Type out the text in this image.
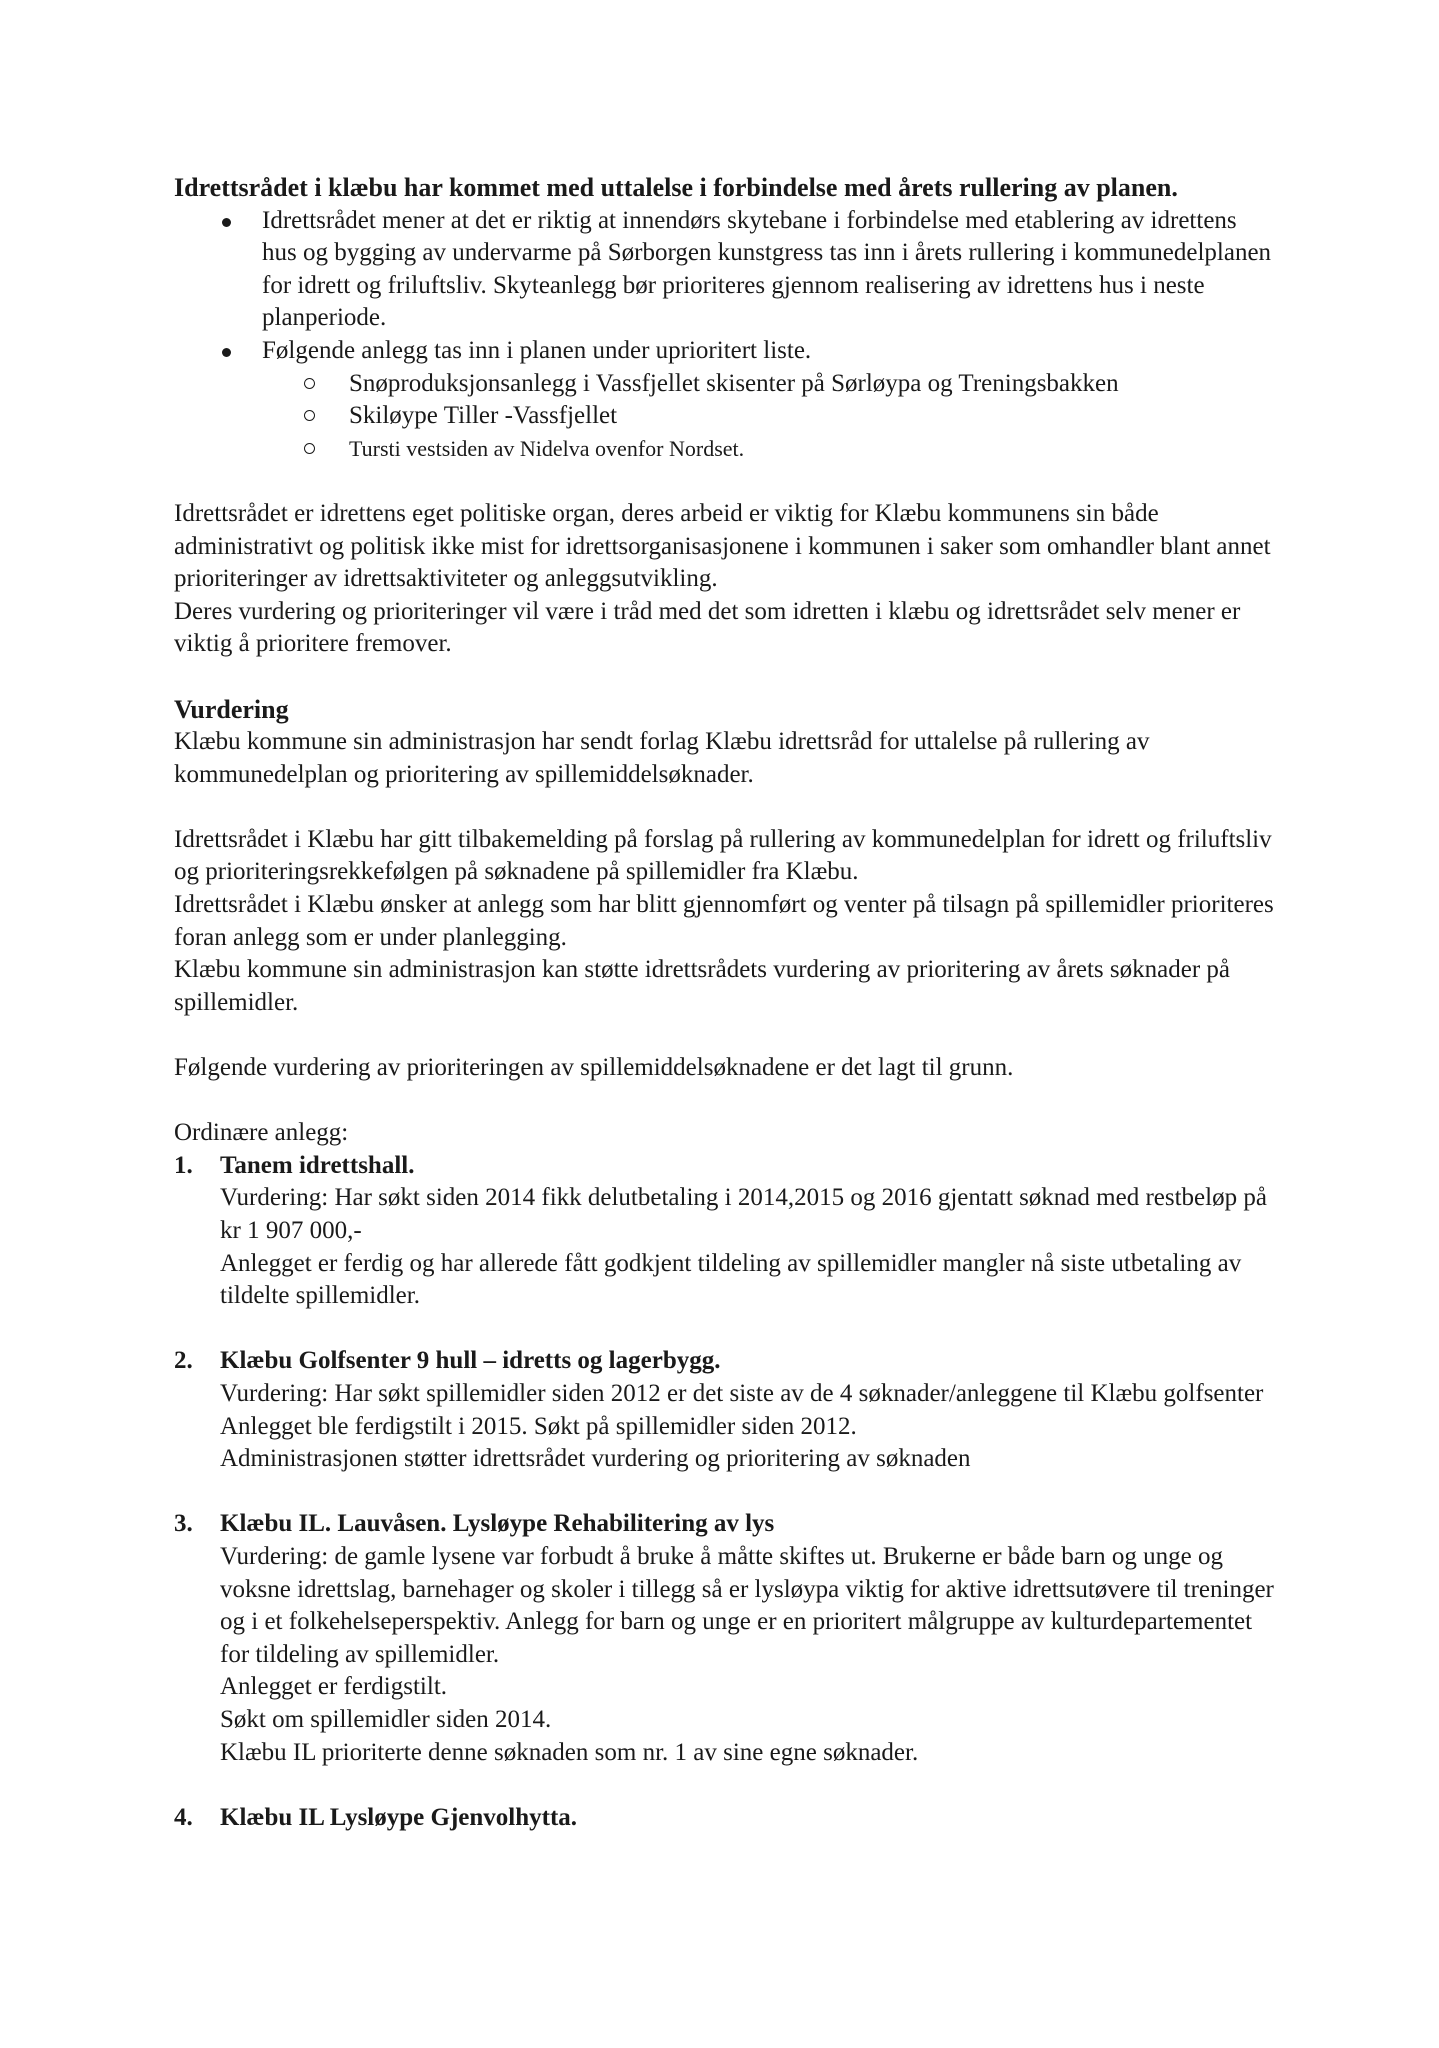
Idrettsrådet i klæbu har kommet med uttalelse i forbindelse med årets rullering av planen.

Idrettsrådet mener at det er riktig at innendørs skytebane i forbindelse med etablering av idrettens hus og bygging av undervarme på Sørborgen kunstgress tas inn i årets rullering i kommunedelplanen for idrett og friluftsliv. Skyteanlegg bør prioriteres gjennom realisering av idrettens hus i neste planperiode.
Følgende anlegg tas inn i planen under uprioritert liste.
Snøproduksjonsanlegg i Vassfjellet skisenter på Sørløypa og Treningsbakken
Skiløype Tiller -Vassfjellet
Tursti vestsiden av Nidelva ovenfor Nordset.

Idrettsrådet er idrettens eget politiske organ, deres arbeid er viktig for Klæbu kommunens sin både administrativt og politisk ikke mist for idrettsorganisasjonene i kommunen i saker som omhandler blant annet prioriteringer av idrettsaktiviteter og anleggsutvikling.

Deres vurdering og prioriteringer vil være i tråd med det som idretten i klæbu og idrettsrådet selv mener er viktig å prioritere fremover.

Vurdering

Klæbu kommune sin administrasjon har sendt forlag Klæbu idrettsråd for uttalelse på rullering av kommunedelplan og prioritering av spillemiddelsøknader.

Idrettsrådet i Klæbu har gitt tilbakemelding på forslag på rullering av kommunedelplan for idrett og friluftsliv og prioriteringsrekkefølgen på søknadene på spillemidler fra Klæbu.

Idrettsrådet i Klæbu ønsker at anlegg som har blitt gjennomført og venter på tilsagn på spillemidler prioriteres foran anlegg som er under planlegging.

Klæbu kommune sin administrasjon kan støtte idrettsrådets vurdering av prioritering av årets søknader på spillemidler.

Følgende vurdering av prioriteringen av spillemiddelsøknadene er det lagt til grunn.

Ordinære anlegg:

1. Tanem idrettshall.

Vurdering: Har søkt siden 2014 fikk delutbetaling i 2014,2015 og 2016 gjentatt søknad med restbeløp på kr 1 907 000,-

Anlegget er ferdig og har allerede fått godkjent tildeling av spillemidler mangler nå siste utbetaling av tildelte spillemidler.

2. Klæbu Golfsenter 9 hull – idretts og lagerbygg.

Vurdering: Har søkt spillemidler siden 2012 er det siste av de 4 søknader/anleggene til Klæbu golfsenter Anlegget ble ferdigstilt i 2015. Søkt på spillemidler siden 2012.

Administrasjonen støtter idrettsrådet vurdering og prioritering av søknaden

3. Klæbu IL. Lauvåsen. Lysløype Rehabilitering av lys

Vurdering: de gamle lysene var forbudt å bruke å måtte skiftes ut. Brukerne er både barn og unge og voksne idrettslag, barnehager og skoler i tillegg så er lysløypa viktig for aktive idrettsutøvere til treninger og i et folkehelseperspektiv. Anlegg for barn og unge er en prioritert målgruppe av kulturdepartementet for tildeling av spillemidler.

Anlegget er ferdigstilt.

Søkt om spillemidler siden 2014.

Klæbu IL prioriterte denne søknaden som nr. 1 av sine egne søknader.

4. Klæbu IL Lysløype Gjenvolhytta.
